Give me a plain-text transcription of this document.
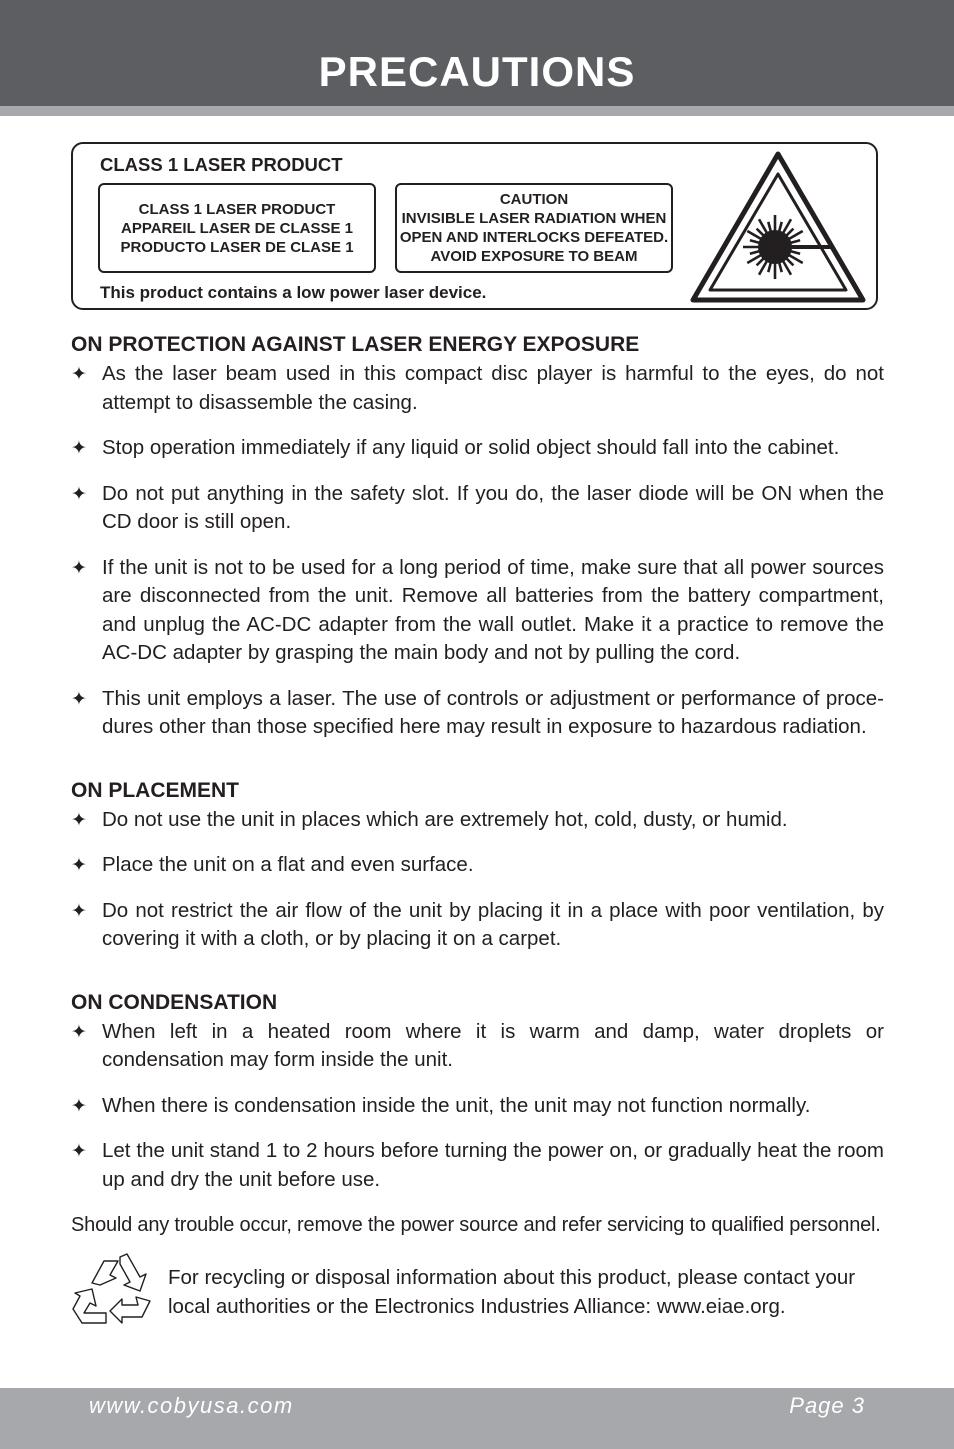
PRECAUTIONS
CLASS 1 LASER PRODUCT
CLASS 1 LASER PRODUCT
APPAREIL LASER DE CLASSE 1
PRODUCTO LASER DE CLASE 1
CAUTION
INVISIBLE LASER RADIATION WHEN
OPEN AND INTERLOCKS DEFEATED.
AVOID EXPOSURE TO BEAM
This product contains a low power laser device.
ON PROTECTION AGAINST LASER ENERGY EXPOSURE
✦ As the laser beam used in this compact disc player is harmful to the eyes, do not attempt to disassemble the casing.
✦ Stop operation immediately if any liquid or solid object should fall into the cabinet.
✦ Do not put anything in the safety slot. If you do, the laser diode will be ON when the CD door is still open.
✦ If the unit is not to be used for a long period of time, make sure that all power sources are disconnected from the unit. Remove all batteries from the battery compartment, and unplug the AC-DC adapter from the wall outlet. Make it a practice to remove the AC-DC adapter by grasping the main body and not by pulling the cord.
✦ This unit employs a laser. The use of controls or adjustment or performance of proce-dures other than those specified here may result in exposure to hazardous radiation.
ON PLACEMENT
✦ Do not use the unit in places which are extremely hot, cold, dusty, or humid.
✦ Place the unit on a flat and even surface.
✦ Do not restrict the air flow of the unit by placing it in a place with poor ventilation, by covering it with a cloth, or by placing it on a carpet.
ON CONDENSATION
✦ When left in a heated room where it is warm and damp, water droplets or condensation may form inside the unit.
✦ When there is condensation inside the unit, the unit may not function normally.
✦ Let the unit stand 1 to 2 hours before turning the power on, or gradually heat the room up and dry the unit before use.
Should any trouble occur, remove the power source and refer servicing to qualified personnel.
For recycling or disposal information about this product, please contact your local authorities or the Electronics Industries Alliance: www.eiae.org.
www.cobyusa.com	Page 3
